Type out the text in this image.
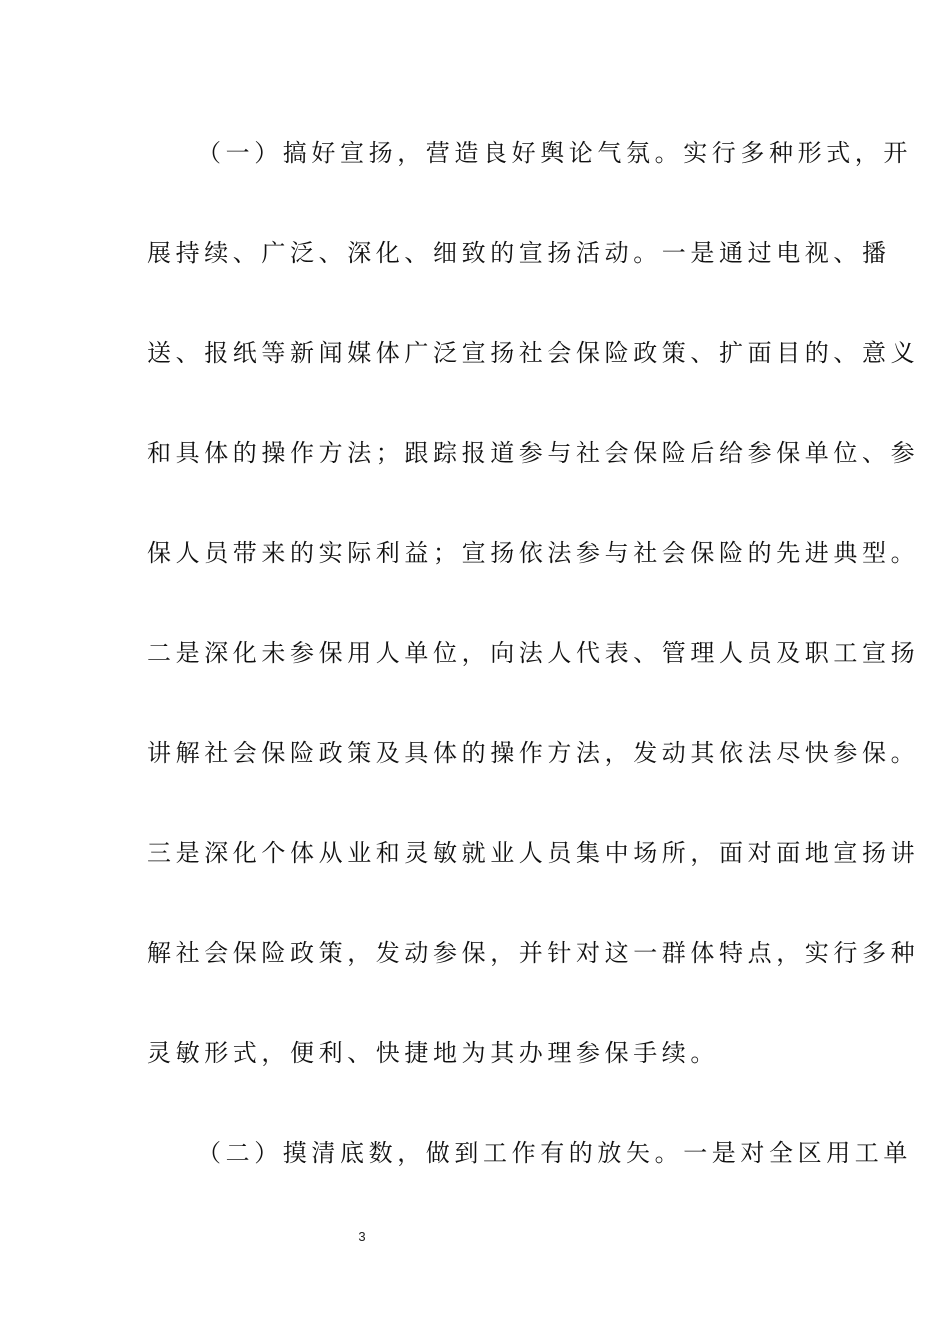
（一）搞好宣扬，营造良好舆论气氛。实行多种形式，开
展持续、广泛、深化、细致的宣扬活动。一是通过电视、播
送、报纸等新闻媒体广泛宣扬社会保险政策、扩面目的、意义
和具体的操作方法；跟踪报道参与社会保险后给参保单位、参
保人员带来的实际利益；宣扬依法参与社会保险的先进典型。
二是深化未参保用人单位，向法人代表、管理人员及职工宣扬
讲解社会保险政策及具体的操作方法，发动其依法尽快参保。
三是深化个体从业和灵敏就业人员集中场所，面对面地宣扬讲
解社会保险政策，发动参保，并针对这一群体特点，实行多种
灵敏形式，便利、快捷地为其办理参保手续。
（二）摸清底数，做到工作有的放矢。一是对全区用工单
3
